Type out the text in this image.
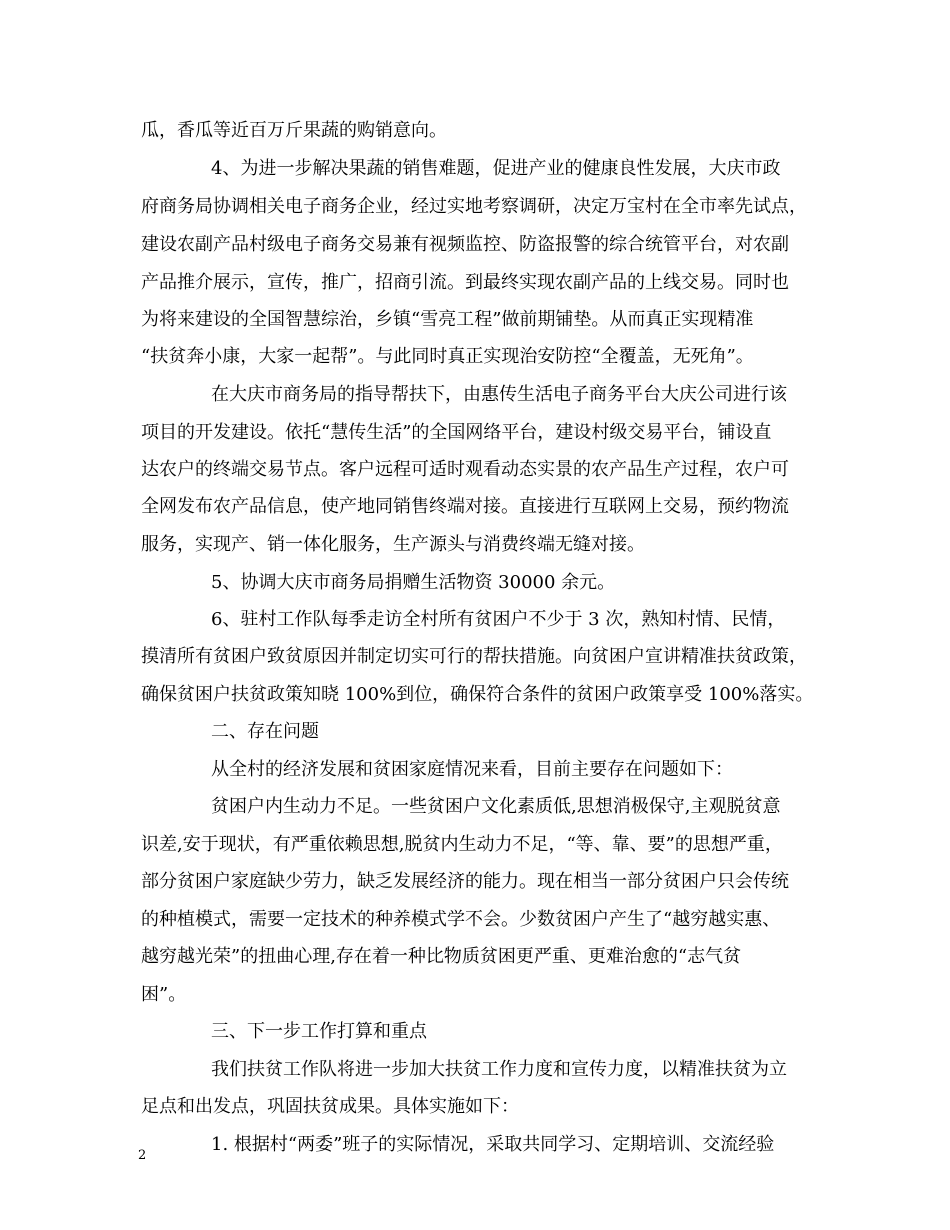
瓜，香瓜等近百万斤果蔬的购销意向。
4、为进一步解决果蔬的销售难题，促进产业的健康良性发展，大庆市政
府商务局协调相关电子商务企业，经过实地考察调研，决定万宝村在全市率先试点，
建设农副产品村级电子商务交易兼有视频监控、防盗报警的综合统管平台，对农副
产品推介展示，宣传，推广，招商引流。到最终实现农副产品的上线交易。同时也
为将来建设的全国智慧综治，乡镇“雪亮工程”做前期铺垫。从而真正实现精准
“扶贫奔小康，大家一起帮”。与此同时真正实现治安防控“全覆盖，无死角”。
在大庆市商务局的指导帮扶下，由惠传生活电子商务平台大庆公司进行该
项目的开发建设。依托“慧传生活”的全国网络平台，建设村级交易平台，铺设直
达农户的终端交易节点。客户远程可适时观看动态实景的农产品生产过程，农户可
全网发布农产品信息，使产地同销售终端对接。直接进行互联网上交易，预约物流
服务，实现产、销一体化服务，生产源头与消费终端无缝对接。
5、协调大庆市商务局捐赠生活物资 30000 余元。
6、驻村工作队每季走访全村所有贫困户不少于 3 次，熟知村情、民情，
摸清所有贫困户致贫原因并制定切实可行的帮扶措施。向贫困户宣讲精准扶贫政策，
确保贫困户扶贫政策知晓 100%到位，确保符合条件的贫困户政策享受 100%落实。
二、存在问题
从全村的经济发展和贫困家庭情况来看，目前主要存在问题如下：
贫困户内生动力不足。一些贫困户文化素质低,思想消极保守,主观脱贫意
识差,安于现状，有严重依赖思想,脱贫内生动力不足，“等、靠、要”的思想严重，
部分贫困户家庭缺少劳力，缺乏发展经济的能力。现在相当一部分贫困户只会传统
的种植模式，需要一定技术的种养模式学不会。少数贫困户产生了“越穷越实惠、
越穷越光荣”的扭曲心理,存在着一种比物质贫困更严重、更难治愈的“志气贫
困”。
三、下一步工作打算和重点
我们扶贫工作队将进一步加大扶贫工作力度和宣传力度，以精准扶贫为立
足点和出发点，巩固扶贫成果。具体实施如下：
1. 根据村“两委”班子的实际情况，采取共同学习、定期培训、交流经验
2
